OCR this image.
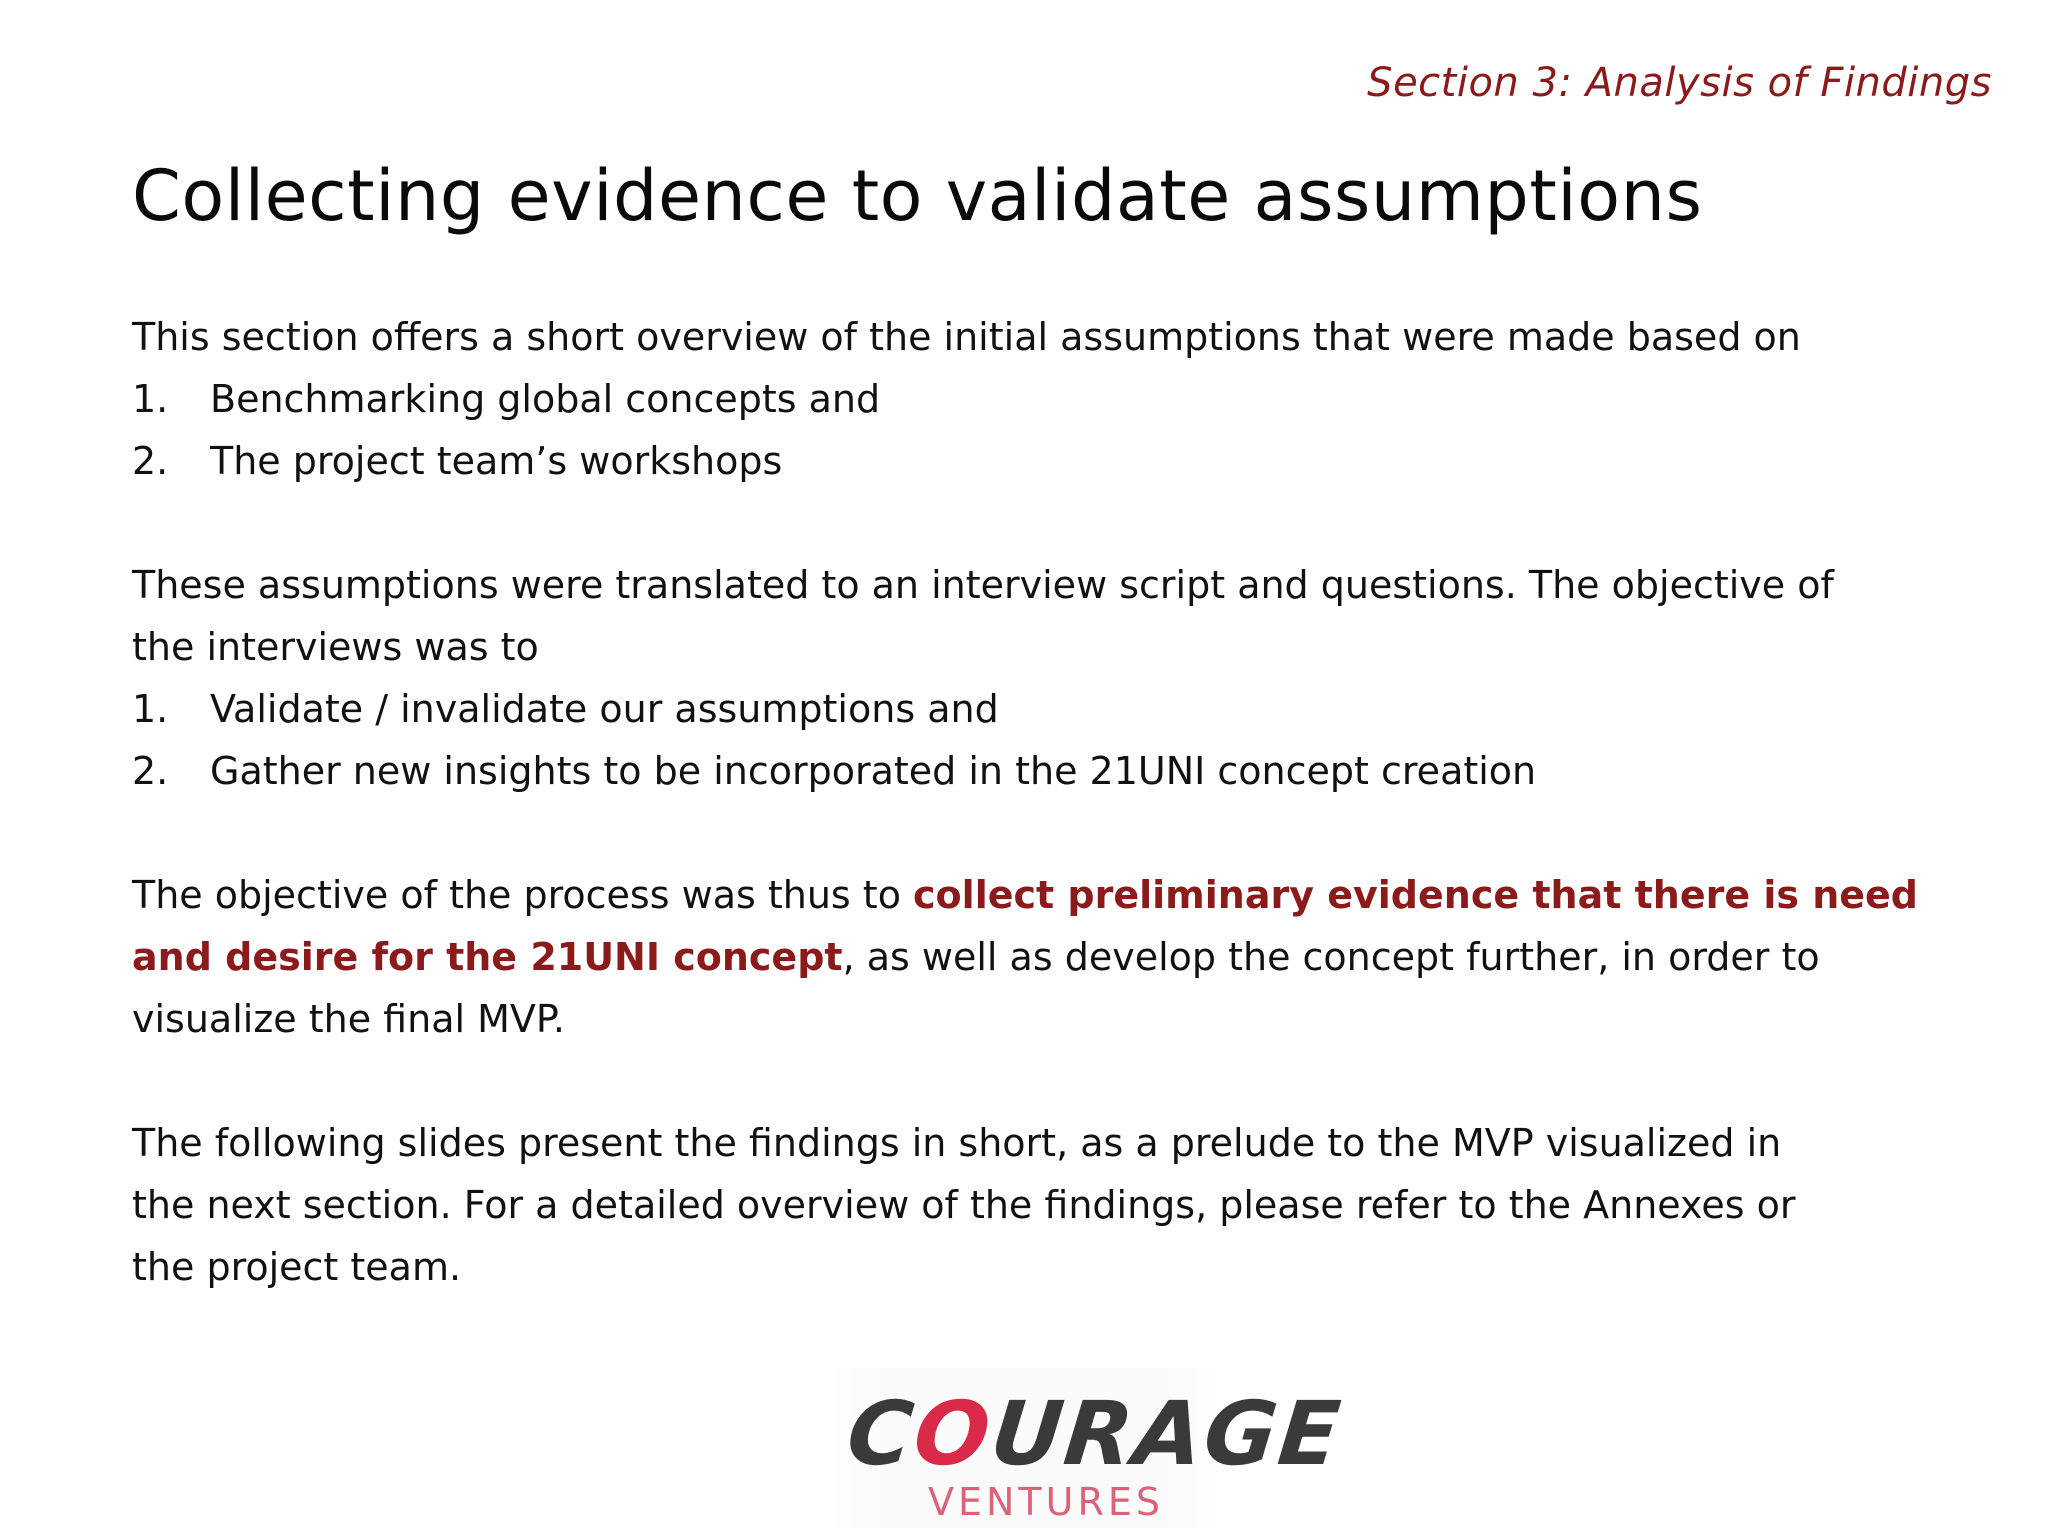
Section 3: Analysis of Findings
Collecting evidence to validate assumptions

This section offers a short overview of the initial assumptions that were made based on

1. Benchmarking global concepts and
2. The project team’s workshops

These assumptions were translated to an interview script and questions. The objective of
the interviews was to

1. Validate / invalidate our assumptions and
2. Gather new insights to be incorporated in the 21UNI concept creation

The objective of the process was thus to collect preliminary evidence that there is need
and desire for the 21UNI concept, as well as develop the concept further, in order to
visualize the final MVP.

The following slides present the findings in short, as a prelude to the MVP visualized in
the next section. For a detailed overview of the findings, please refer to the Annexes or
the project team.

COURAGE
VENTURES
